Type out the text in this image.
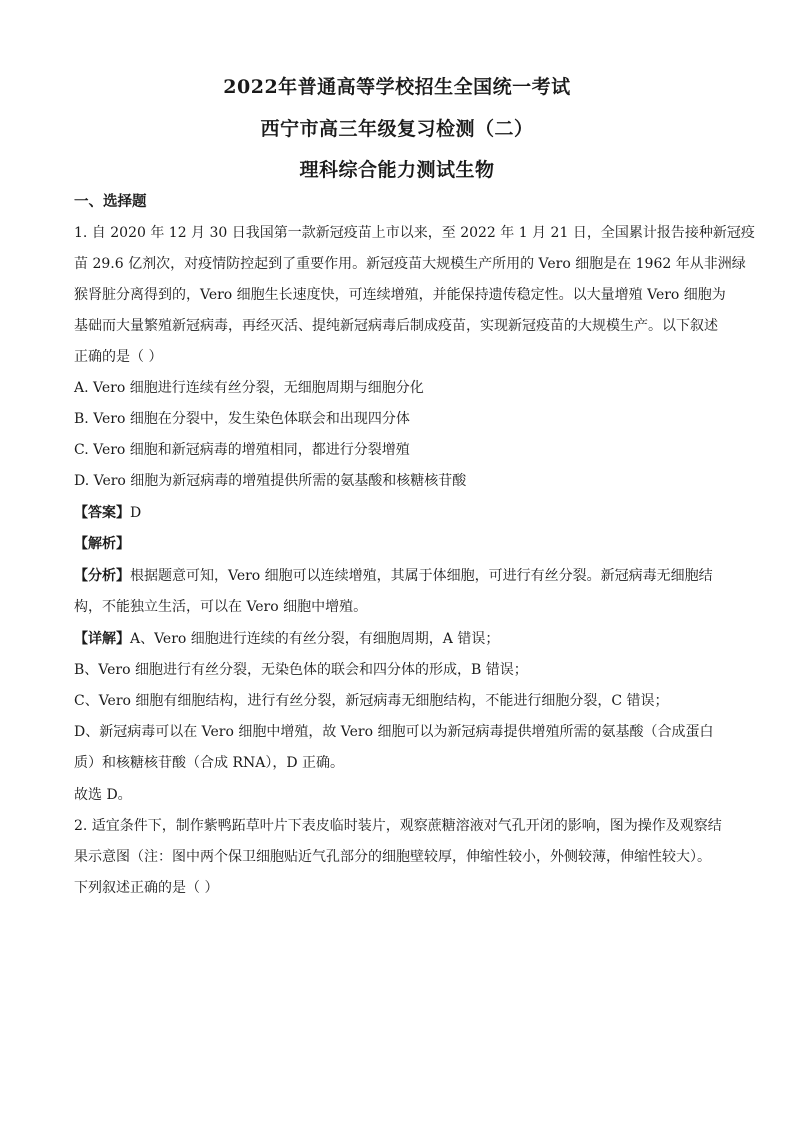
2022年普通高等学校招生全国统一考试
西宁市高三年级复习检测（二）
理科综合能力测试生物
一、选择题
1. 自 2020 年 12 月 30 日我国第一款新冠疫苗上市以来，至 2022 年 1 月 21 日，全国累计报告接种新冠疫
苗 29.6 亿剂次，对疫情防控起到了重要作用。新冠疫苗大规模生产所用的 Vero 细胞是在 1962 年从非洲绿
猴肾脏分离得到的，Vero 细胞生长速度快，可连续增殖，并能保持遗传稳定性。以大量增殖 Vero 细胞为
基础而大量繁殖新冠病毒，再经灭活、提纯新冠病毒后制成疫苗，实现新冠疫苗的大规模生产。以下叙述
正确的是（ ）
A. Vero 细胞进行连续有丝分裂，无细胞周期与细胞分化
B. Vero 细胞在分裂中，发生染色体联会和出现四分体
C. Vero 细胞和新冠病毒的增殖相同，都进行分裂增殖
D. Vero 细胞为新冠病毒的增殖提供所需的氨基酸和核糖核苷酸
【答案】D
【解析】
【分析】根据题意可知，Vero 细胞可以连续增殖，其属于体细胞，可进行有丝分裂。新冠病毒无细胞结
构，不能独立生活，可以在 Vero 细胞中增殖。
【详解】A、Vero 细胞进行连续的有丝分裂，有细胞周期，A 错误；
B、Vero 细胞进行有丝分裂，无染色体的联会和四分体的形成，B 错误；
C、Vero 细胞有细胞结构，进行有丝分裂，新冠病毒无细胞结构，不能进行细胞分裂，C 错误；
D、新冠病毒可以在 Vero 细胞中增殖，故 Vero 细胞可以为新冠病毒提供增殖所需的氨基酸（合成蛋白
质）和核糖核苷酸（合成 RNA），D 正确。
故选 D。
2. 适宜条件下，制作紫鸭跖草叶片下表皮临时装片，观察蔗糖溶液对气孔开闭的影响，图为操作及观察结
果示意图（注：图中两个保卫细胞贴近气孔部分的细胞壁较厚，伸缩性较小，外侧较薄，伸缩性较大）。
下列叙述正确的是（ ）
